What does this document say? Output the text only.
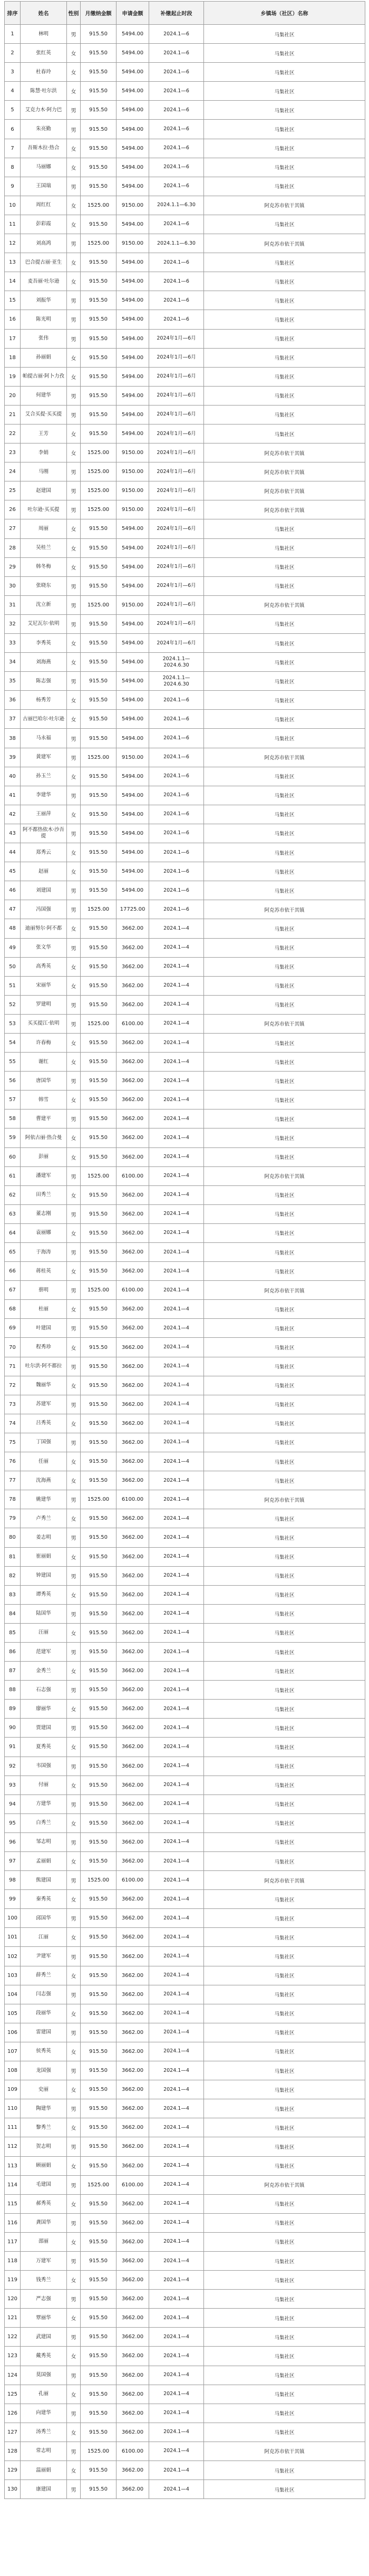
排序	姓名	性别	月缴纳金额	申请金额	补缴起止时段	乡镇场（社区）名称
1	林明	男	915.50	5494.00	2024.1—6	马集社区
2	张红英	女	915.50	5494.00	2024.1—6	马集社区
3	杜春玲	女	915.50	5494.00	2024.1—6	马集社区
4	陈慧·吐尔洪	女	915.50	5494.00	2024.1—6	马集社区
5	艾克力木·阿力巴	男	915.50	5494.00	2024.1—6	马集社区
6	朱亮勤	男	915.50	5494.00	2024.1—6	马集社区
7	吾斯木拉·热合	女	915.50	5494.00	2024.1—6	马集社区
8	马丽娜	女	915.50	5494.00	2024.1—6	马集社区
9	王国瑞	男	915.50	5494.00	2024.1—6	马集社区
10	周红红	女	1525.00	9150.00	2024.1.1—6.30	阿克苏市依干其镇
11	彭彩霞	女	915.50	5494.00	2024.1—6	马集社区
12	刘高鸿	男	1525.00	9150.00	2024.1.1—6.30	阿克苏市依干其镇
13	巴合提古丽·亚生	女	915.50	5494.00	2024.1—6	马集社区
14	麦吾丽·吐尔逊	女	915.50	5494.00	2024.1—6	马集社区
15	刘振华	男	915.50	5494.00	2024.1—6	马集社区
16	陈光明	男	915.50	5494.00	2024.1—6	马集社区
17	张伟	男	915.50	5494.00	2024年1月—6月	马集社区
18	孙丽娟	女	915.50	5494.00	2024年1月—6月	马集社区
19	帕提古丽·阿卜力孜	女	915.50	5494.00	2024年1月—6月	马集社区
20	何建华	男	915.50	5494.00	2024年1月—6月	马集社区
21	艾合买提·买买提	男	915.50	5494.00	2024年1月—6月	马集社区
22	王芳	女	915.50	5494.00	2024年1月—6月	马集社区
23	李娟	女	1525.00	9150.00	2024年1月—6月	阿克苏市依干其镇
24	马刚	男	1525.00	9150.00	2024年1月—6月	阿克苏市依干其镇
25	赵建国	男	1525.00	9150.00	2024年1月—6月	阿克苏市依干其镇
26	吐尔逊·买买提	男	1525.00	9150.00	2024年1月—6月	阿克苏市依干其镇
27	周丽	女	915.50	5494.00	2024年1月—6月	马集社区
28	吴桂兰	女	915.50	5494.00	2024年1月—6月	马集社区
29	韩冬梅	女	915.50	5494.00	2024年1月—6月	马集社区
30	张晓东	男	915.50	5494.00	2024年1月—6月	马集社区
31	沈立新	男	1525.00	9150.00	2024年1月—6月	阿克苏市依干其镇
32	艾尼瓦尔·依明	男	915.50	5494.00	2024年1月—6月	马集社区
33	李秀英	女	915.50	5494.00	2024年1月—6月	马集社区
34	刘海燕	女	915.50	5494.00	2024.1.1—2024.6.30	马集社区
35	陈志强	男	915.50	5494.00	2024.1.1—2024.6.30	马集社区
36	杨秀芳	女	915.50	5494.00	2024.1—6	马集社区
37	古丽巴哈尔·吐尔逊	女	915.50	5494.00	2024.1—6	马集社区
38	马永福	男	915.50	5494.00	2024.1—6	马集社区
39	黄建军	男	1525.00	9150.00	2024.1—6	阿克苏市依干其镇
40	孙玉兰	女	915.50	5494.00	2024.1—6	马集社区
41	李建华	男	915.50	5494.00	2024.1—6	马集社区
42	王丽萍	女	915.50	5494.00	2024.1—6	马集社区
43	阿不都热依木·沙吾提	男	915.50	5494.00	2024.1—6	马集社区
44	郑秀云	女	915.50	5494.00	2024.1—6	马集社区
45	赵丽	女	915.50	5494.00	2024.1—6	马集社区
46	刘建国	男	915.50	5494.00	2024.1—6	马集社区
47	冯国强	男	1525.00	17725.00	2024.1—6	阿克苏市依干其镇
48	迪丽努尔·阿不都	女	915.50	3662.00	2024.1—4	马集社区
49	张文华	男	915.50	3662.00	2024.1—4	马集社区
50	高秀英	女	915.50	3662.00	2024.1—4	马集社区
51	宋丽华	女	915.50	3662.00	2024.1—4	马集社区
52	罗建明	男	915.50	3662.00	2024.1—4	马集社区
53	买买提江·依明	男	1525.00	6100.00	2024.1—4	阿克苏市依干其镇
54	许春梅	女	915.50	3662.00	2024.1—4	马集社区
55	谢红	女	915.50	3662.00	2024.1—4	马集社区
56	唐国华	男	915.50	3662.00	2024.1—4	马集社区
57	韩雪	女	915.50	3662.00	2024.1—4	马集社区
58	曹建平	男	915.50	3662.00	2024.1—4	马集社区
59	阿依古丽·热合曼	女	915.50	3662.00	2024.1—4	马集社区
60	彭丽	女	915.50	3662.00	2024.1—4	马集社区
61	潘建军	男	1525.00	6100.00	2024.1—4	阿克苏市依干其镇
62	田秀兰	女	915.50	3662.00	2024.1—4	马集社区
63	董志刚	男	915.50	3662.00	2024.1—4	马集社区
64	袁丽娜	女	915.50	3662.00	2024.1—4	马集社区
65	于海涛	男	915.50	3662.00	2024.1—4	马集社区
66	蒋桂英	女	915.50	3662.00	2024.1—4	马集社区
67	蔡明	男	1525.00	6100.00	2024.1—4	阿克苏市依干其镇
68	杜丽	女	915.50	3662.00	2024.1—4	马集社区
69	叶建国	男	915.50	3662.00	2024.1—4	马集社区
70	程秀珍	女	915.50	3662.00	2024.1—4	马集社区
71	吐尔洪·阿不都拉	男	915.50	3662.00	2024.1—4	马集社区
72	魏丽华	女	915.50	3662.00	2024.1—4	马集社区
73	苏建军	男	915.50	3662.00	2024.1—4	马集社区
74	吕秀英	女	915.50	3662.00	2024.1—4	马集社区
75	丁国强	男	915.50	3662.00	2024.1—4	马集社区
76	任丽	女	915.50	3662.00	2024.1—4	马集社区
77	沈海燕	女	915.50	3662.00	2024.1—4	马集社区
78	姚建华	男	1525.00	6100.00	2024.1—4	阿克苏市依干其镇
79	卢秀兰	女	915.50	3662.00	2024.1—4	马集社区
80	姜志明	男	915.50	3662.00	2024.1—4	马集社区
81	崔丽娟	女	915.50	3662.00	2024.1—4	马集社区
82	钟建国	男	915.50	3662.00	2024.1—4	马集社区
83	谭秀英	女	915.50	3662.00	2024.1—4	马集社区
84	陆国华	男	915.50	3662.00	2024.1—4	马集社区
85	汪丽	女	915.50	3662.00	2024.1—4	马集社区
86	范建军	男	915.50	3662.00	2024.1—4	马集社区
87	金秀兰	女	915.50	3662.00	2024.1—4	马集社区
88	石志强	男	915.50	3662.00	2024.1—4	马集社区
89	廖丽华	女	915.50	3662.00	2024.1—4	马集社区
90	贾建国	男	915.50	3662.00	2024.1—4	马集社区
91	夏秀英	女	915.50	3662.00	2024.1—4	马集社区
92	韦国强	男	915.50	3662.00	2024.1—4	马集社区
93	付丽	女	915.50	3662.00	2024.1—4	马集社区
94	方建华	男	915.50	3662.00	2024.1—4	马集社区
95	白秀兰	女	915.50	3662.00	2024.1—4	马集社区
96	邹志明	男	915.50	3662.00	2024.1—4	马集社区
97	孟丽娟	女	915.50	3662.00	2024.1—4	马集社区
98	熊建国	男	1525.00	6100.00	2024.1—4	阿克苏市依干其镇
99	秦秀英	女	915.50	3662.00	2024.1—4	马集社区
100	邱国华	男	915.50	3662.00	2024.1—4	马集社区
101	江丽	女	915.50	3662.00	2024.1—4	马集社区
102	尹建军	男	915.50	3662.00	2024.1—4	马集社区
103	薛秀兰	女	915.50	3662.00	2024.1—4	马集社区
104	闫志强	男	915.50	3662.00	2024.1—4	马集社区
105	段丽华	女	915.50	3662.00	2024.1—4	马集社区
106	雷建国	男	915.50	3662.00	2024.1—4	马集社区
107	侯秀英	女	915.50	3662.00	2024.1—4	马集社区
108	龙国强	男	915.50	3662.00	2024.1—4	马集社区
109	史丽	女	915.50	3662.00	2024.1—4	马集社区
110	陶建华	男	915.50	3662.00	2024.1—4	马集社区
111	黎秀兰	女	915.50	3662.00	2024.1—4	马集社区
112	贺志明	男	915.50	3662.00	2024.1—4	马集社区
113	顾丽娟	女	915.50	3662.00	2024.1—4	马集社区
114	毛建国	男	1525.00	6100.00	2024.1—4	阿克苏市依干其镇
115	郝秀英	女	915.50	3662.00	2024.1—4	马集社区
116	龚国华	男	915.50	3662.00	2024.1—4	马集社区
117	邵丽	女	915.50	3662.00	2024.1—4	马集社区
118	万建军	男	915.50	3662.00	2024.1—4	马集社区
119	钱秀兰	女	915.50	3662.00	2024.1—4	马集社区
120	严志强	男	915.50	3662.00	2024.1—4	马集社区
121	覃丽华	女	915.50	3662.00	2024.1—4	马集社区
122	武建国	男	915.50	3662.00	2024.1—4	马集社区
123	戴秀英	女	915.50	3662.00	2024.1—4	马集社区
124	莫国强	男	915.50	3662.00	2024.1—4	马集社区
125	孔丽	女	915.50	3662.00	2024.1—4	马集社区
126	向建华	男	915.50	3662.00	2024.1—4	马集社区
127	汤秀兰	女	915.50	3662.00	2024.1—4	马集社区
128	常志明	男	1525.00	6100.00	2024.1—4	阿克苏市依干其镇
129	温丽娟	女	915.50	3662.00	2024.1—4	马集社区
130	康建国	男	915.50	3662.00	2024.1—4	马集社区
